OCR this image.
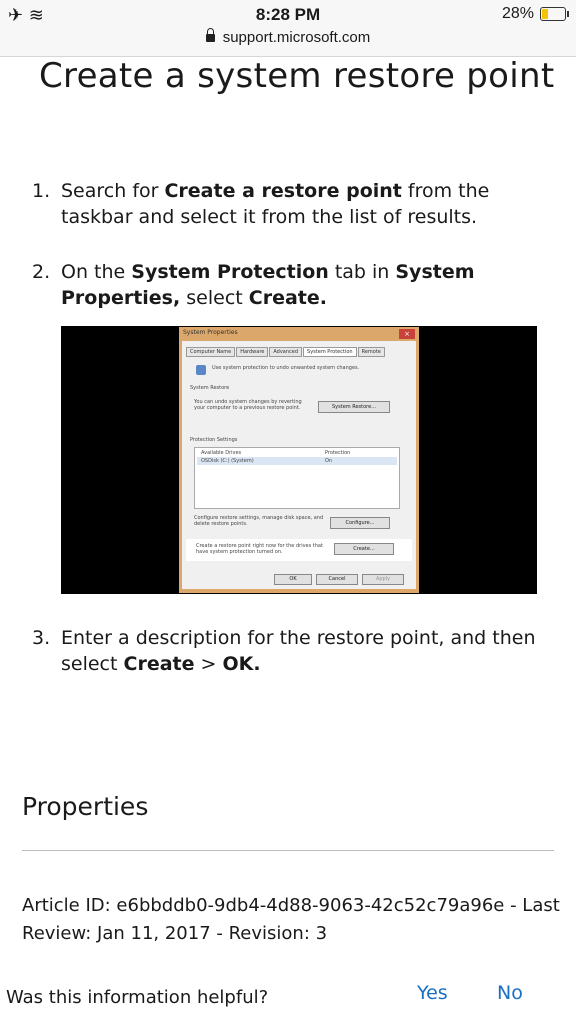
✈ ≋	8:28 PM	28%
support.microsoft.com
Create a system restore point
1. Search for Create a restore point from the taskbar and select it from the list of results.
2. On the System Protection tab in System Properties, select Create.
3. Enter a description for the restore point, and then select Create > OK.
System Properties	×
Computer Name	Hardware	Advanced	System Protection	Remote
Use system protection to undo unwanted system changes.
System Restore
You can undo system changes by reverting your computer to a previous restore point.	System Restore...
Protection Settings
Available Drives	Protection
OSDisk (C:) (System)	On
Configure restore settings, manage disk space, and delete restore points.	Configure...
Create a restore point right now for the drives that have system protection turned on.	Create...
OK	Cancel	Apply
Properties
Article ID: e6bbddb0-9db4-4d88-9063-42c52c79a96e - Last Review: Jan 11, 2017 - Revision: 3
Was this information helpful?	Yes	No
